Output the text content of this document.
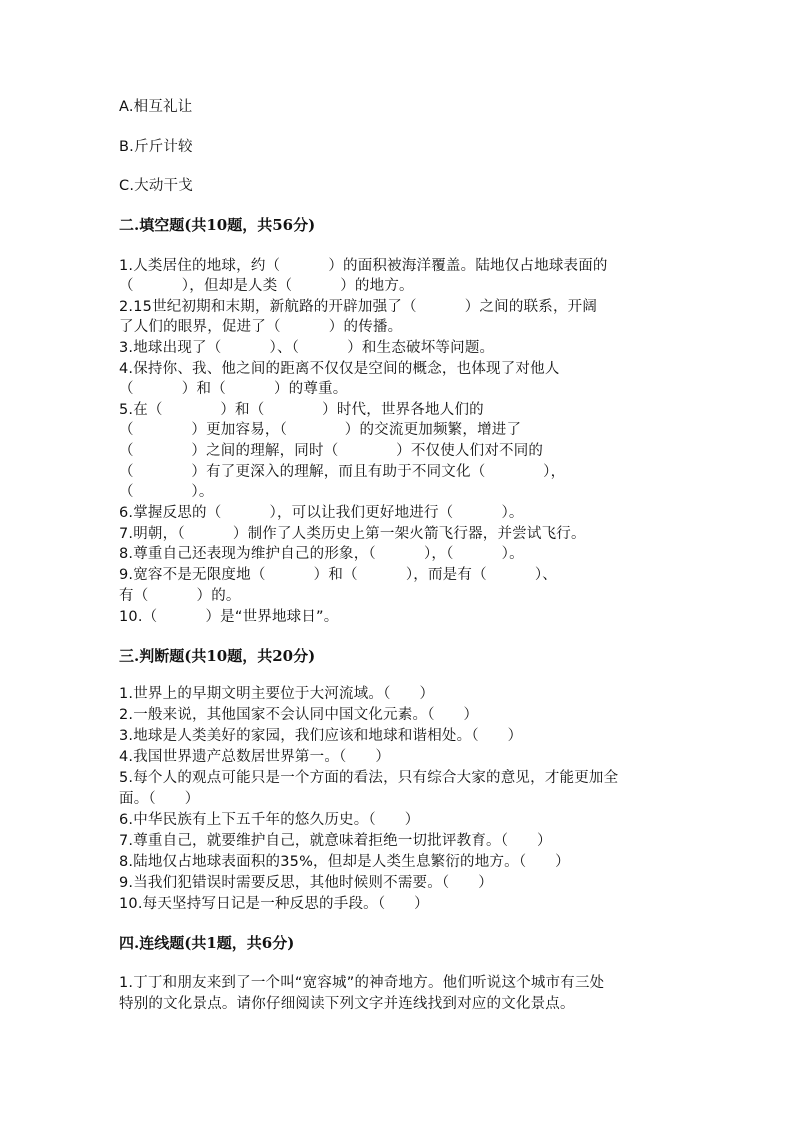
A.相互礼让
B.斤斤计较
C.大动干戈
二.填空题(共10题，共56分)
1.人类居住的地球，约（          ）的面积被海洋覆盖。陆地仅占地球表面的
（          ），但却是人类（          ）的地方。
2.15世纪初期和末期，新航路的开辟加强了（          ）之间的联系，开阔
了人们的眼界，促进了（          ）的传播。
3.地球出现了（          ）、（          ）和生态破坏等问题。
4.保持你、我、他之间的距离不仅仅是空间的概念，也体现了对他人
（          ）和（          ）的尊重。
5.在（            ）和（            ）时代，世界各地人们的
（            ）更加容易，（            ）的交流更加频繁，增进了
（            ）之间的理解，同时（            ）不仅使人们对不同的
（            ）有了更深入的理解，而且有助于不同文化（            ），
（            ）。
6.掌握反思的（          ），可以让我们更好地进行（          ）。
7.明朝，（          ）制作了人类历史上第一架火箭飞行器，并尝试飞行。
8.尊重自己还表现为维护自己的形象，（          ），（          ）。
9.宽容不是无限度地（          ）和（          ），而是有（          ）、
有（          ）的。
10.（          ）是“世界地球日”。
三.判断题(共10题，共20分)
1.世界上的早期文明主要位于大河流域。（      ）
2.一般来说，其他国家不会认同中国文化元素。（      ）
3.地球是人类美好的家园，我们应该和地球和谐相处。（      ）
4.我国世界遗产总数居世界第一。（      ）
5.每个人的观点可能只是一个方面的看法，只有综合大家的意见，才能更加全
面。（      ）
6.中华民族有上下五千年的悠久历史。（      ）
7.尊重自己，就要维护自己，就意味着拒绝一切批评教育。（      ）
8.陆地仅占地球表面积的35%，但却是人类生息繁衍的地方。（      ）
9.当我们犯错误时需要反思，其他时候则不需要。（      ）
10.每天坚持写日记是一种反思的手段。（      ）
四.连线题(共1题，共6分)
1.丁丁和朋友来到了一个叫“宽容城”的神奇地方。他们听说这个城市有三处
特别的文化景点。请你仔细阅读下列文字并连线找到对应的文化景点。
